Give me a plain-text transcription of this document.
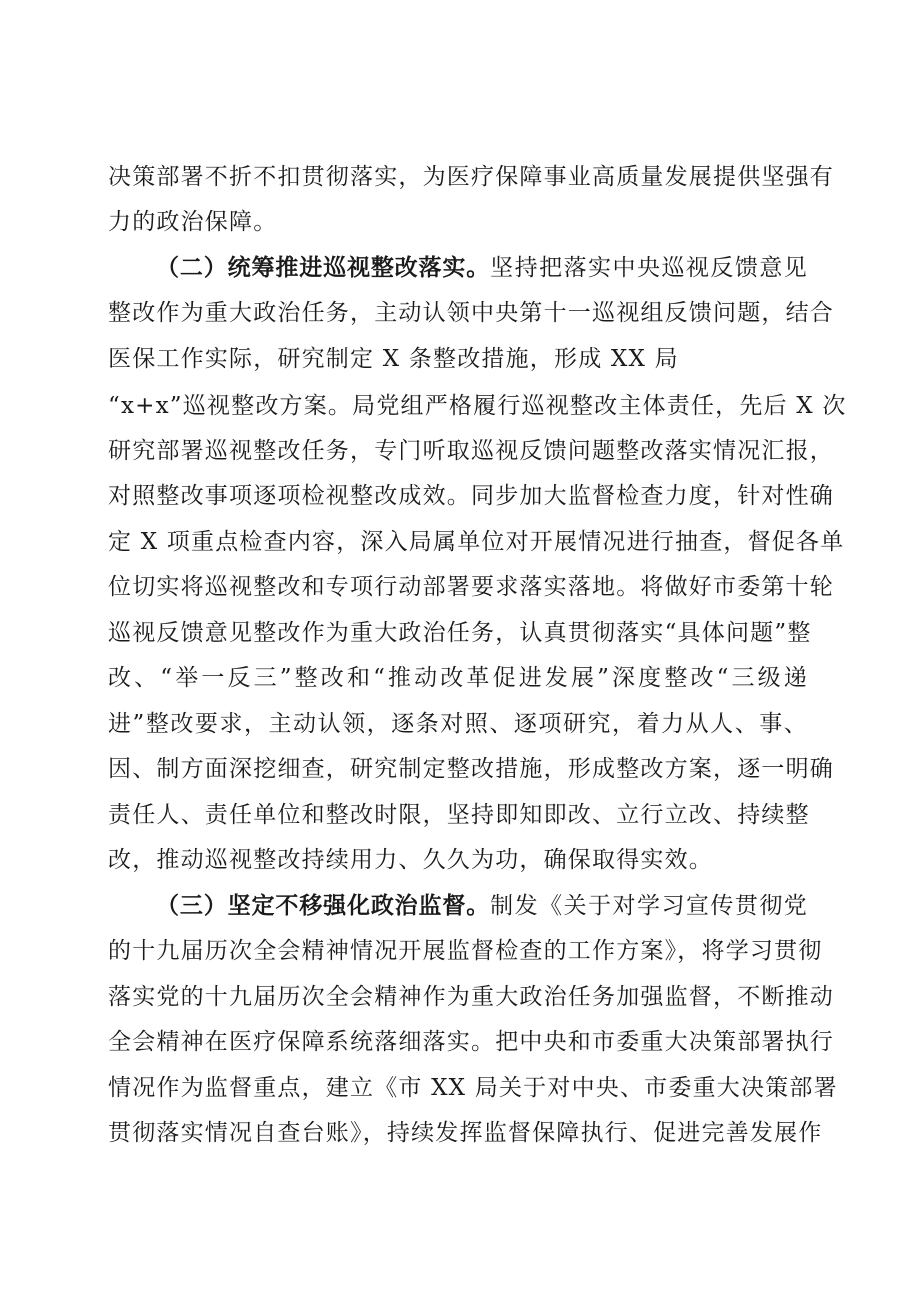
决策部署不折不扣贯彻落实，为医疗保障事业高质量发展提供坚强有
力的政治保障。
（二）统筹推进巡视整改落实。坚持把落实中央巡视反馈意见
整改作为重大政治任务，主动认领中央第十一巡视组反馈问题，结合
医保工作实际，研究制定 X 条整改措施，形成 XX 局
“x+x”巡视整改方案。局党组严格履行巡视整改主体责任，先后 X 次
研究部署巡视整改任务，专门听取巡视反馈问题整改落实情况汇报，
对照整改事项逐项检视整改成效。同步加大监督检查力度，针对性确
定 X 项重点检查内容，深入局属单位对开展情况进行抽查，督促各单
位切实将巡视整改和专项行动部署要求落实落地。将做好市委第十轮
巡视反馈意见整改作为重大政治任务，认真贯彻落实“具体问题”整
改、“举一反三”整改和“推动改革促进发展”深度整改“三级递
进”整改要求，主动认领，逐条对照、逐项研究，着力从人、事、
因、制方面深挖细查，研究制定整改措施，形成整改方案，逐一明确
责任人、责任单位和整改时限，坚持即知即改、立行立改、持续整
改，推动巡视整改持续用力、久久为功，确保取得实效。
（三）坚定不移强化政治监督。制发《关于对学习宣传贯彻党
的十九届历次全会精神情况开展监督检查的工作方案》，将学习贯彻
落实党的十九届历次全会精神作为重大政治任务加强监督，不断推动
全会精神在医疗保障系统落细落实。把中央和市委重大决策部署执行
情况作为监督重点，建立《市 XX 局关于对中央、市委重大决策部署
贯彻落实情况自查台账》，持续发挥监督保障执行、促进完善发展作
